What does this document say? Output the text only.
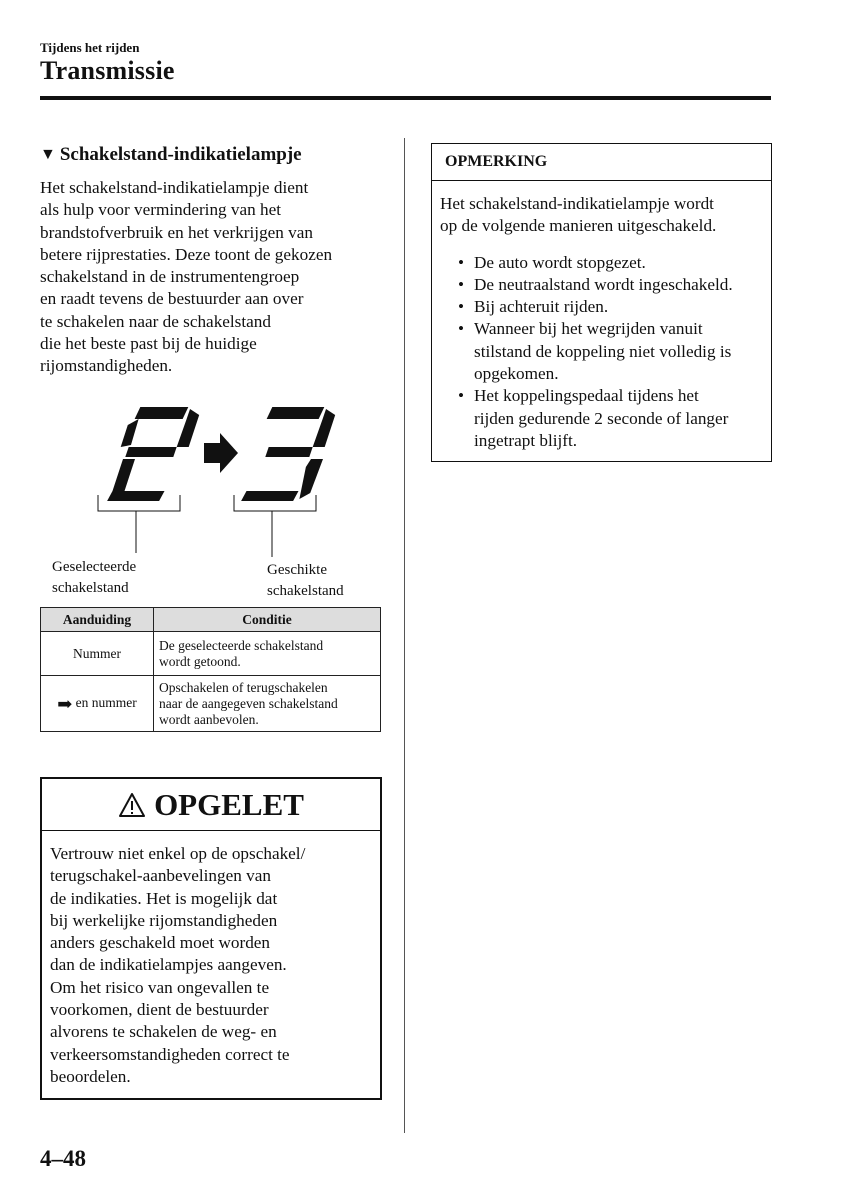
Tijdens het rijden
Transmissie
▼ Schakelstand-indikatielampje
Het schakelstand-indikatielampje dient
als hulp voor vermindering van het
brandstofverbruik en het verkrijgen van
betere rijprestaties. Deze toont de gekozen
schakelstand in de instrumentengroep
en raadt tevens de bestuurder aan over
te schakelen naar de schakelstand
die het beste past bij de huidige
rijomstandigheden.
Geselecteerde
schakelstand
Geschikte
schakelstand
Aanduiding	Conditie
Nummer	De geselecteerde schakelstand
wordt getoond.

➡ en nummer	Opschakelen of terugschakelen
naar de aangegeven schakelstand
wordt aanbevolen.
OPGELET
Vertrouw niet enkel op de opschakel/
terugschakel-aanbevelingen van
de indikaties. Het is mogelijk dat
bij werkelijke rijomstandigheden
anders geschakeld moet worden
dan de indikatielampjes aangeven.
Om het risico van ongevallen te
voorkomen, dient de bestuurder
alvorens te schakelen de weg- en
verkeersomstandigheden correct te
beoordelen.
OPMERKING
Het schakelstand-indikatielampje wordt
op de volgende manieren uitgeschakeld.
• De auto wordt stopgezet.
• De neutraalstand wordt ingeschakeld.
• Bij achteruit rijden.
• Wanneer bij het wegrijden vanuit
stilstand de koppeling niet volledig is
opgekomen.
• Het koppelingspedaal tijdens het
rijden gedurende 2 seconde of langer
ingetrapt blijft.
4–48
